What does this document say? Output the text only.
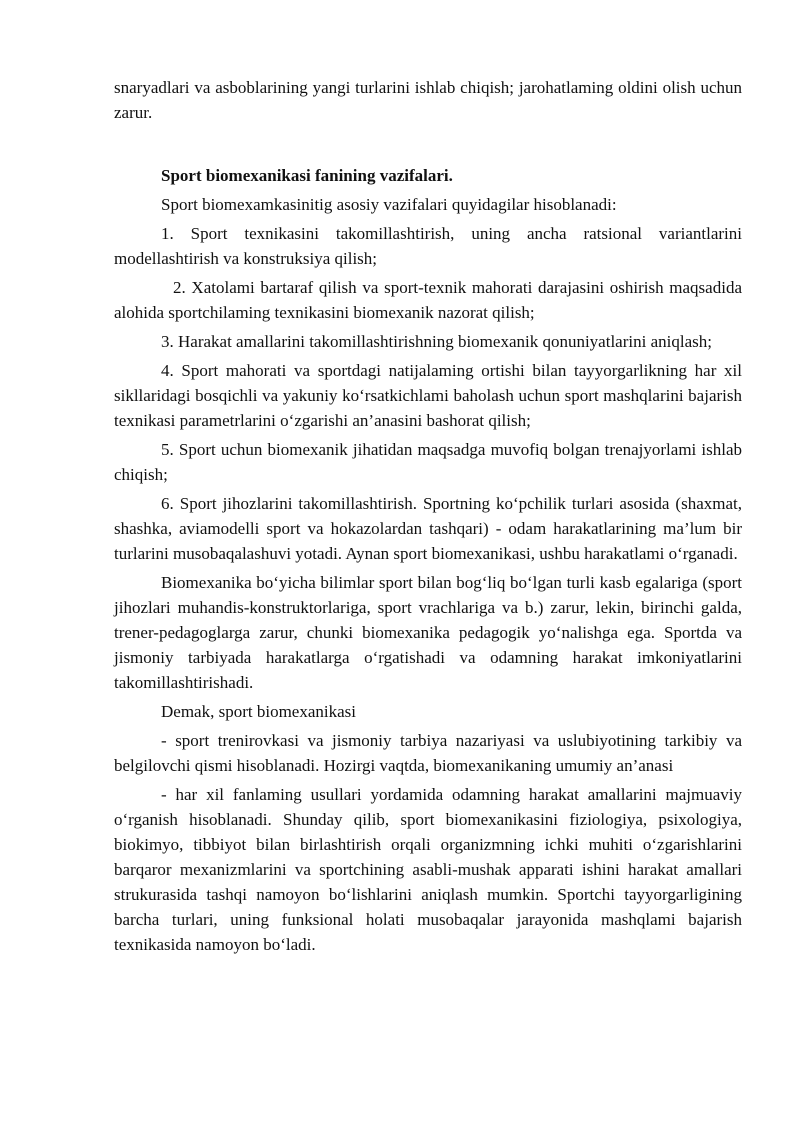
snaryadlari va asboblarining yangi turlarini ishlab chiqish; jarohatlaming oldini olish uchun zarur.

Sport biomexanikasi fanining vazifalari.

Sport biomexamkasinitig asosiy vazifalari quyidagilar hisoblanadi:

1. Sport texnikasini takomillashtirish, uning ancha ratsional variantlarini modellashtirish va konstruksiya qilish;

2. Xatolami bartaraf qilish va sport-texnik mahorati darajasini oshirish maqsadida alohida sportchilaming texnikasini biomexanik nazorat qilish;

3. Harakat amallarini takomillashtirishning biomexanik qonuniyatlarini aniqlash;

4. Sport mahorati va sportdagi natijalaming ortishi bilan tayyorgarlikning har xil sikllaridagi bosqichli va yakuniy ko‘rsatkichlami baholash uchun sport mashqlarini bajarish texnikasi parametrlarini o‘zgarishi an’anasini bashorat qilish;

5. Sport uchun biomexanik jihatidan maqsadga muvofiq bolgan trenajyorlami ishlab chiqish;

6. Sport jihozlarini takomillashtirish. Sportning ko‘pchilik turlari asosida (shaxmat, shashka, aviamodelli sport va hokazolardan tashqari) - odam harakatlarining ma’lum bir turlarini musobaqalashuvi yotadi. Aynan sport biomexanikasi, ushbu harakatlami o‘rganadi.

Biomexanika bo‘yicha bilimlar sport bilan bog‘liq bo‘lgan turli kasb egalariga (sport jihozlari muhandis-konstruktorlariga, sport vrachlariga va b.) zarur, lekin, birinchi galda, trener-pedagoglarga zarur, chunki biomexanika pedagogik yo‘nalishga ega. Sportda va jismoniy tarbiyada harakatlarga o‘rgatishadi va odamning harakat imkoniyatlarini takomillashtirishadi.

Demak, sport biomexanikasi

- sport trenirovkasi va jismoniy tarbiya nazariyasi va uslubiyotining tarkibiy va belgilovchi qismi hisoblanadi. Hozirgi vaqtda, biomexanikaning umumiy an’anasi

- har xil fanlaming usullari yordamida odamning harakat amallarini majmuaviy o‘rganish hisoblanadi. Shunday qilib, sport biomexanikasini fiziologiya, psixologiya, biokimyo, tibbiyot bilan birlashtirish orqali organizmning ichki muhiti o‘zgarishlarini barqaror mexanizmlarini va sportchining asabli-mushak apparati ishini harakat amallari strukurasida tashqi namoyon bo‘lishlarini aniqlash mumkin. Sportchi tayyorgarligining barcha turlari, uning funksional holati musobaqalar jarayonida mashqlami bajarish texnikasida namoyon bo‘ladi.
